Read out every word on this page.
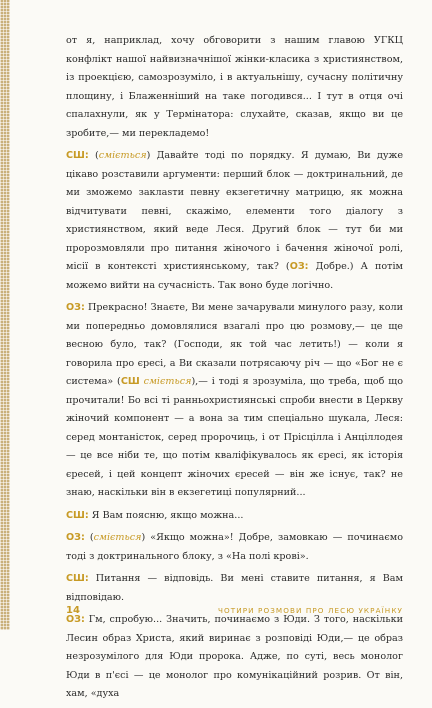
от я, наприклад, хочу обговорити з нашим главою УГКЦ конфлікт нашої найвизначнішої жінки-класика з християнством, із проекцією, самозрозуміло, і в актуальнішу, сучасну політичну площину, і Блаженніший на таке погодився... І тут в отця очі спалахнули, як у Термінатора: слухайте, сказав, якщо ви це зробите,— ми перекладемо!

СШ: (сміється) Давайте тоді по порядку. Я думаю, Ви дуже цікаво розставили аргументи: перший блок — доктринальний, де ми зможемо заклasти певну екзегетичну матрицю, як можна відчитувати певні, скажімо, елементи того діалогу з християнством, який веде Леся. Другий блок — тут би ми пророзмовляли про питання жіночого і бачення жіночої ролі, місії в контексті християнському, так? (ОЗ: Добре.) А потім можемо вийти на сучасність. Так воно буде логічно.

ОЗ: Прекрасно! Знаєте, Ви мене зачарували минулого разу, коли ми попередньо домовлялися взагалі про цю розмову,— це ще весною було, так? (Господи, як той час летить!) — коли я говорила про єресі, а Ви сказали потрясаючу річ — що «Бог не є системa» (СШ сміється),— і тоді я зрозуміла, що треба, щоб що прочитали! Бо всі ті ранньохристиянські спроби внести в Церкву жіночий компонент — а вона за тим спеціально шукала, Леся: серед монтаністок, серед пророчиць, і от Прісцілла і Анціллодея — це все ніби те, що потім кваліфікувалось як єресі, як історія єресей, і цей концепт жіночих єресей — він же існує, так? не знаю, наскільки він в екзегетиці популярний...

СШ: Я Вам поясню, якщо можна...

ОЗ: (сміється) «Якщо можна»! Добре, замовкаю — починаємо тоді з доктринального блоку, з «На полі крові».

СШ: Питання — відповідь. Ви мені ставите питання, я Вам відповідаю.

ОЗ: Гм, спробую... Значить, починаємо з Юди. З того, наскільки Лесин образ Христа, який виринає з розповіді Юди,— це образ незрозумілого для Юди пророка. Адже, по суті, весь монолог Юди в п'єсі — це монолог про комунікаційний розрив. От він, хам, «духа

14	ЧОТИРИ РОЗМОВИ ПРО ЛЕСЮ УКРАЇНКУ
